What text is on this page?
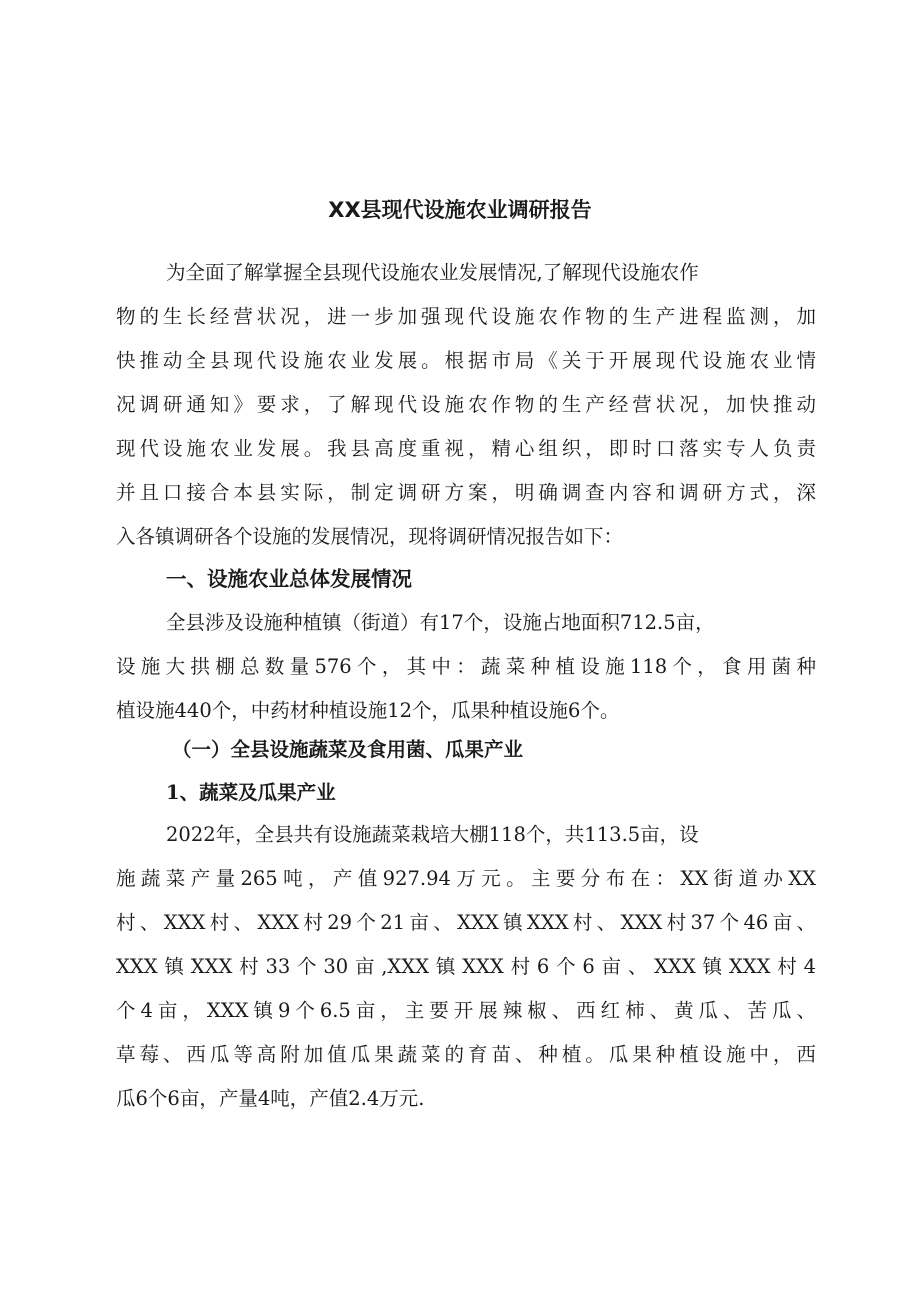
XX县现代设施农业调研报告

为全面了解掌握全县现代设施农业发展情况,了解现代设施农作

物的生长经营状况，进一步加强现代设施农作物的生产进程监测，加

快推动全县现代设施农业发展。根据市局《关于开展现代设施农业情

况调研通知》要求，了解现代设施农作物的生产经营状况，加快推动

现代设施农业发展。我县高度重视，精心组织，即时口落实专人负责

并且口接合本县实际，制定调研方案，明确调查内容和调研方式，深

入各镇调研各个设施的发展情况，现将调研情况报告如下：

一、设施农业总体发展情况

全县涉及设施种植镇（街道）有17个，设施占地面积712.5亩，

设施大拱棚总数量576个，其中：蔬菜种植设施118个，食用菌种

植设施440个，中药材种植设施12个，瓜果种植设施6个。

（一）全县设施蔬菜及食用菌、瓜果产业
1、蔬菜及瓜果产业

2022年，全县共有设施蔬菜栽培大棚118个，共113.5亩，设

施蔬菜产量265吨，产值927.94万元。主要分布在：XX街道办XX

村、XXX村、XXX村29个21亩、XXX镇XXX村、XXX村37个46亩、

XXX镇XXX村33个30亩,XXX镇XXX村6个6亩、XXX镇XXX村4

个4亩，XXX镇9个6.5亩，主要开展辣椒、西红柿、黄瓜、苦瓜、

草莓、西瓜等高附加值瓜果蔬菜的育苗、种植。瓜果种植设施中，西

瓜6个6亩，产量4吨，产值2.4万元.
